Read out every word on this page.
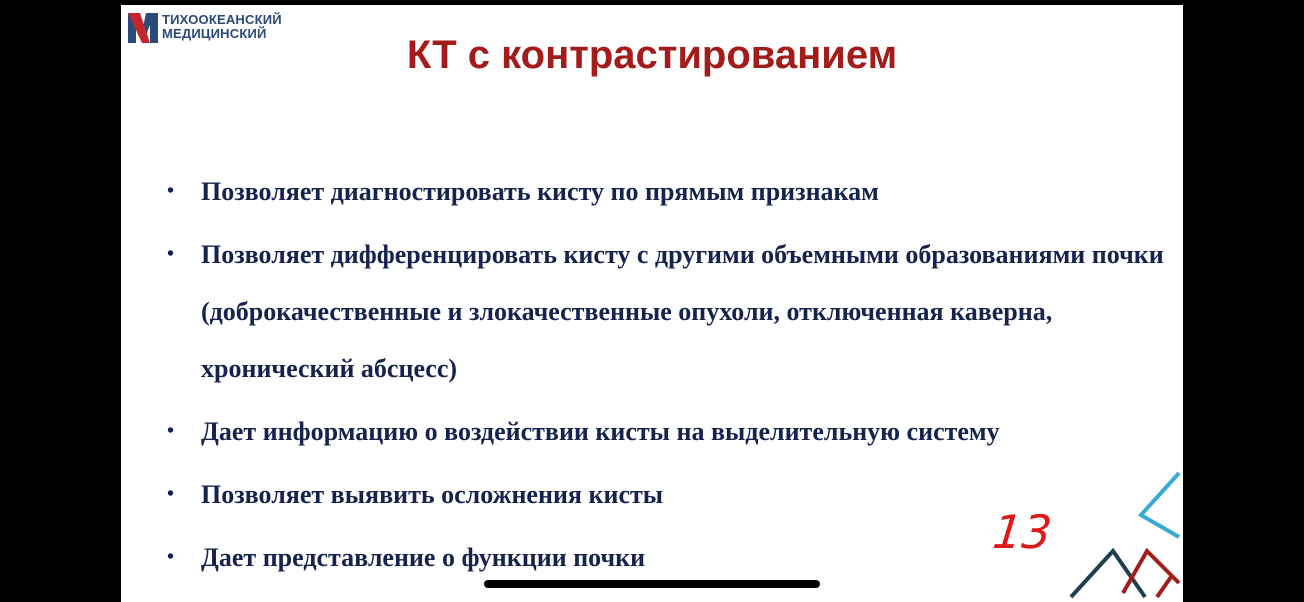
ТИХООКЕАНСКИЙ
МЕДИЦИНСКИЙ	КТ с контрастированием
•	Позволяет диагностировать кисту по прямым признакам
•	Позволяет дифференцировать кисту с другими объемными образованиями почки (доброкачественные и злокачественные опухоли, отключенная каверна, хронический абсцесс)
•	Дает информацию о воздействии кисты на выделительную систему
•	Позволяет выявить осложнения кисты
•	Дает представление о функции почки	13
